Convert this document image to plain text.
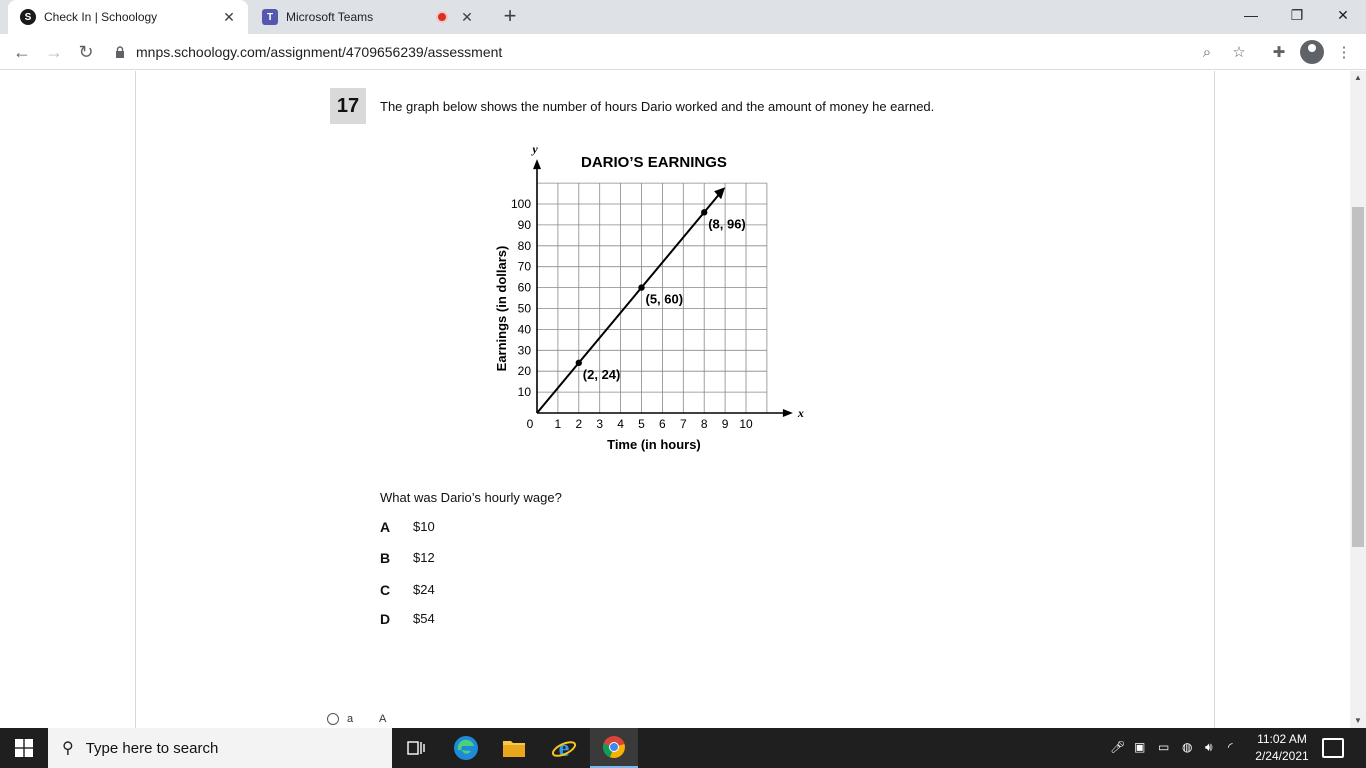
S	Check In | Schoology	✕	T	Microsoft Teams	✕ +	—	❐	✕
← → ↻	mnps.schoology.com/assignment/4709656239/assessment	⌕	☆	✚	⋮
17	The graph below shows the number of hours Dario worked and the amount of money he earned.
y
x
10
20
30
40
50
60
70
80
90
100
1 2 3 4 5 6 7 8 9 10
0
DARIO’S EARNINGS
Time (in hours)
Earnings (in dollars)
(2, 24)
(5, 60)
(8, 96)
What was Dario’s hourly wage?
A	$10
B	$12
C	$24
D	$54
a	A
▲
▼
⚲ Type here to search	e	🎤︎ ▣ ▭ ◍ 🔊︎ ◜
11:02 AM
2/24/2021
